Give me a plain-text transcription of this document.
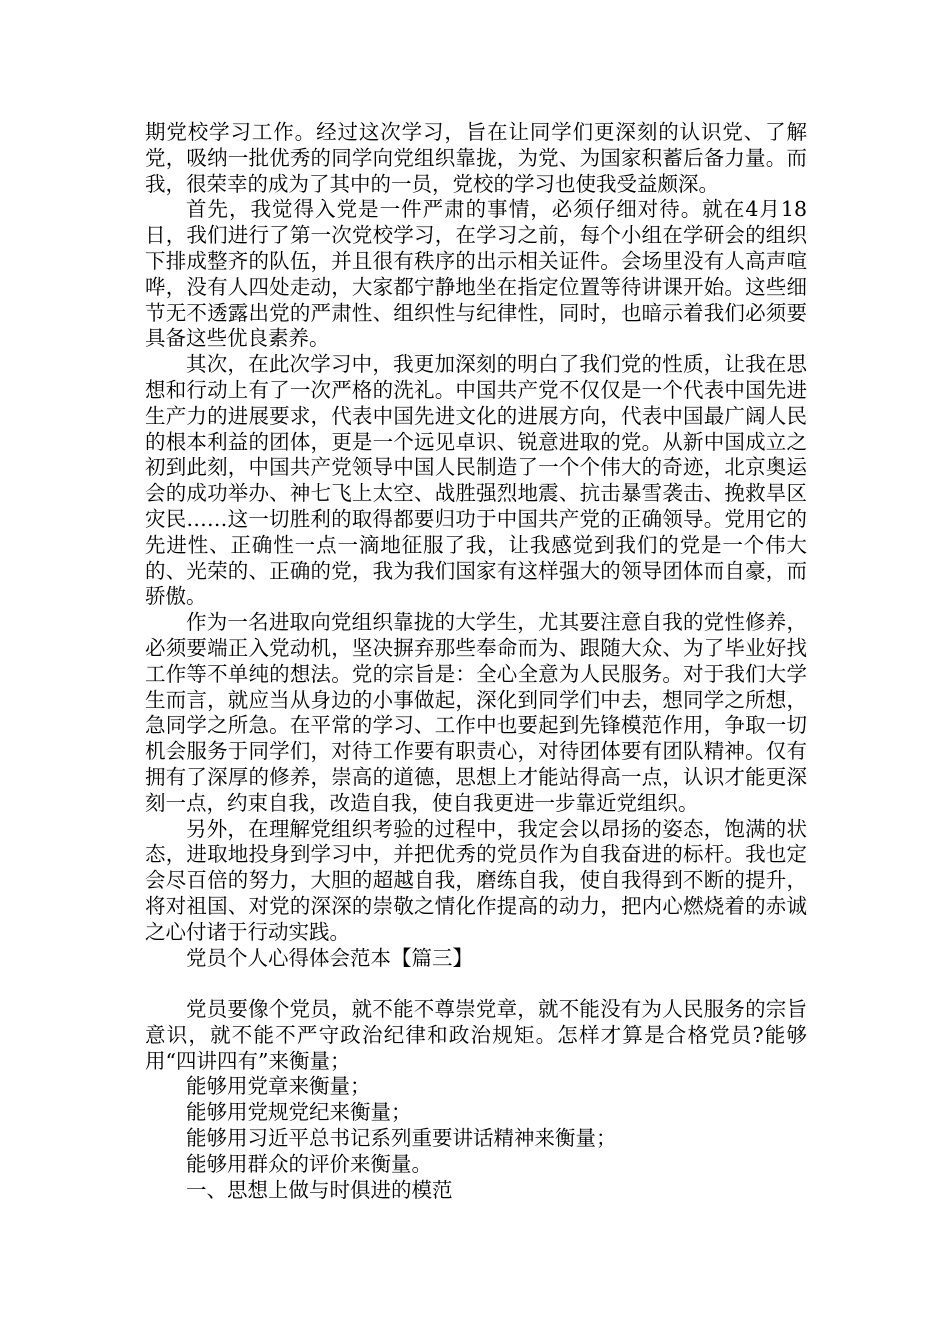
期党校学习工作。经过这次学习，旨在让同学们更深刻的认识党、了解党，吸纳一批优秀的同学向党组织靠拢，为党、为国家积蓄后备力量。而我，很荣幸的成为了其中的一员，党校的学习也使我受益颇深。

首先，我觉得入党是一件严肃的事情，必须仔细对待。就在4月18日，我们进行了第一次党校学习，在学习之前，每个小组在学研会的组织下排成整齐的队伍，并且很有秩序的出示相关证件。会场里没有人高声喧哗，没有人四处走动，大家都宁静地坐在指定位置等待讲课开始。这些细节无不透露出党的严肃性、组织性与纪律性，同时，也暗示着我们必须要具备这些优良素养。

其次，在此次学习中，我更加深刻的明白了我们党的性质，让我在思想和行动上有了一次严格的洗礼。中国共产党不仅仅是一个代表中国先进生产力的进展要求，代表中国先进文化的进展方向，代表中国最广阔人民的根本利益的团体，更是一个远见卓识、锐意进取的党。从新中国成立之初到此刻，中国共产党领导中国人民制造了一个个伟大的奇迹，北京奥运会的成功举办、神七飞上太空、战胜强烈地震、抗击暴雪袭击、挽救旱区灾民……这一切胜利的取得都要归功于中国共产党的正确领导。党用它的先进性、正确性一点一滴地征服了我，让我感觉到我们的党是一个伟大的、光荣的、正确的党，我为我们国家有这样强大的领导团体而自豪，而骄傲。

作为一名进取向党组织靠拢的大学生，尤其要注意自我的党性修养，必须要端正入党动机，坚决摒弃那些奉命而为、跟随大众、为了毕业好找工作等不单纯的想法。党的宗旨是：全心全意为人民服务。对于我们大学生而言，就应当从身边的小事做起，深化到同学们中去，想同学之所想，急同学之所急。在平常的学习、工作中也要起到先锋模范作用，争取一切机会服务于同学们，对待工作要有职责心，对待团体要有团队精神。仅有拥有了深厚的修养，崇高的道德，思想上才能站得高一点，认识才能更深刻一点，约束自我，改造自我，使自我更进一步靠近党组织。

另外，在理解党组织考验的过程中，我定会以昂扬的姿态，饱满的状态，进取地投身到学习中，并把优秀的党员作为自我奋进的标杆。我也定会尽百倍的努力，大胆的超越自我，磨练自我，使自我得到不断的提升，将对祖国、对党的深深的崇敬之情化作提高的动力，把内心燃烧着的赤诚之心付诸于行动实践。

党员个人心得体会范本【篇三】

党员要像个党员，就不能不尊崇党章，就不能没有为人民服务的宗旨意识，就不能不严守政治纪律和政治规矩。怎样才算是合格党员?能够用“四讲四有”来衡量；

能够用党章来衡量；

能够用党规党纪来衡量；

能够用习近平总书记系列重要讲话精神来衡量；

能够用群众的评价来衡量。

一、思想上做与时俱进的模范
